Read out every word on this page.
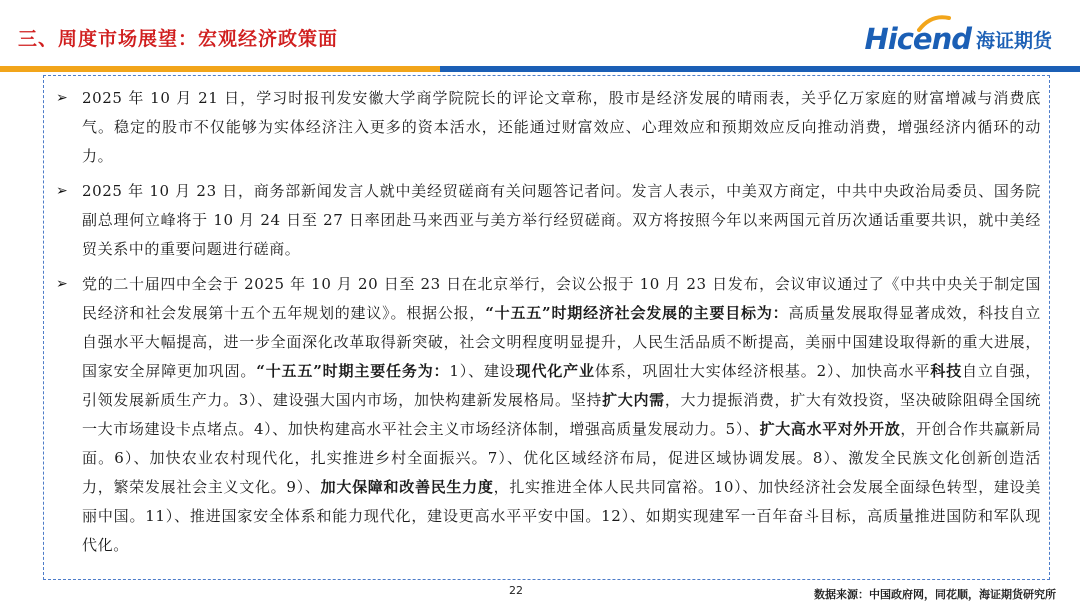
三、周度市场展望：宏观经济政策面	Hicend 海证期货
➢ 2025 年 10 月 21 日，学习时报刊发安徽大学商学院院长的评论文章称，股市是经济发展的晴雨表，关乎亿万家庭的财富增减与消费底气。稳定的股市不仅能够为实体经济注入更多的资本活水，还能通过财富效应、心理效应和预期效应反向推动消费，增强经济内循环的动力。
➢ 2025 年 10 月 23 日，商务部新闻发言人就中美经贸磋商有关问题答记者问。发言人表示，中美双方商定，中共中央政治局委员、国务院副总理何立峰将于 10 月 24 日至 27 日率团赴马来西亚与美方举行经贸磋商。双方将按照今年以来两国元首历次通话重要共识，就中美经贸关系中的重要问题进行磋商。
➢ 党的二十届四中全会于 2025 年 10 月 20 日至 23 日在北京举行，会议公报于 10 月 23 日发布，会议审议通过了《中共中央关于制定国民经济和社会发展第十五个五年规划的建议》。根据公报，“十五五”时期经济社会发展的主要目标为：高质量发展取得显著成效，科技自立自强水平大幅提高，进一步全面深化改革取得新突破，社会文明程度明显提升，人民生活品质不断提高，美丽中国建设取得新的重大进展，国家安全屏障更加巩固。“十五五”时期主要任务为：1）、建设现代化产业体系，巩固壮大实体经济根基。2）、加快高水平科技自立自强，引领发展新质生产力。3）、建设强大国内市场，加快构建新发展格局。坚持扩大内需，大力提振消费，扩大有效投资，坚决破除阻碍全国统一大市场建设卡点堵点。4）、加快构建高水平社会主义市场经济体制，增强高质量发展动力。5）、扩大高水平对外开放，开创合作共赢新局面。6）、加快农业农村现代化，扎实推进乡村全面振兴。7）、优化区域经济布局，促进区域协调发展。8）、激发全民族文化创新创造活力，繁荣发展社会主义文化。9）、加大保障和改善民生力度，扎实推进全体人民共同富裕。10）、加快经济社会发展全面绿色转型，建设美丽中国。11）、推进国家安全体系和能力现代化，建设更高水平平安中国。12）、如期实现建军一百年奋斗目标，高质量推进国防和军队现代化。
22	数据来源：中国政府网，同花顺，海证期货研究所
